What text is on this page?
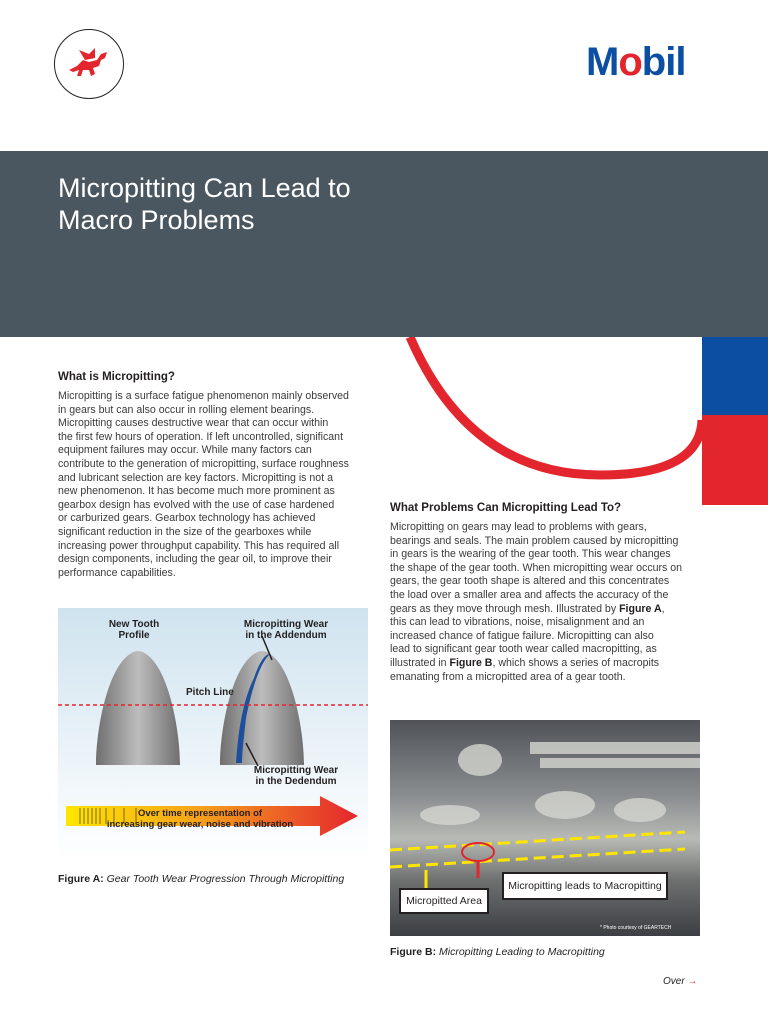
Mobil
Micropitting Can Lead to
Macro Problems
What is Micropitting?
Micropitting is a surface fatigue phenomenon mainly observed
in gears but can also occur in rolling element bearings.
Micropitting causes destructive wear that can occur within
the first few hours of operation. If left uncontrolled, significant
equipment failures may occur. While many factors can
contribute to the generation of micropitting, surface roughness
and lubricant selection are key factors. Micropitting is not a
new phenomenon. It has become much more prominent as
gearbox design has evolved with the use of case hardened
or carburized gears. Gearbox technology has achieved
significant reduction in the size of the gearboxes while
increasing power throughput capability. This has required all
design components, including the gear oil, to improve their
performance capabilities.
What Problems Can Micropitting Lead To?
Micropitting on gears may lead to problems with gears,
bearings and seals. The main problem caused by micropitting
in gears is the wearing of the gear tooth. This wear changes
the shape of the gear tooth. When micropitting wear occurs on
gears, the gear tooth shape is altered and this concentrates
the load over a smaller area and affects the accuracy of the
gears as they move through mesh. Illustrated by Figure A,
this can lead to vibrations, noise, misalignment and an
increased chance of fatigue failure. Micropitting can also
lead to significant gear tooth wear called macropitting, as
illustrated in Figure B, which shows a series of macropits
emanating from a micropitted area of a gear tooth.
New Tooth
Profile
Micropitting Wear
in the Addendum
Pitch Line
Micropitting Wear
in the Dedendum
Over time representation of
increasing gear wear, noise and vibration
Figure A: Gear Tooth Wear Progression Through Micropitting
Micropitting leads to Macropitting
Micropitted Area
* Photo courtesy of GEARTECH
Figure B: Micropitting Leading to Macropitting
Over →
